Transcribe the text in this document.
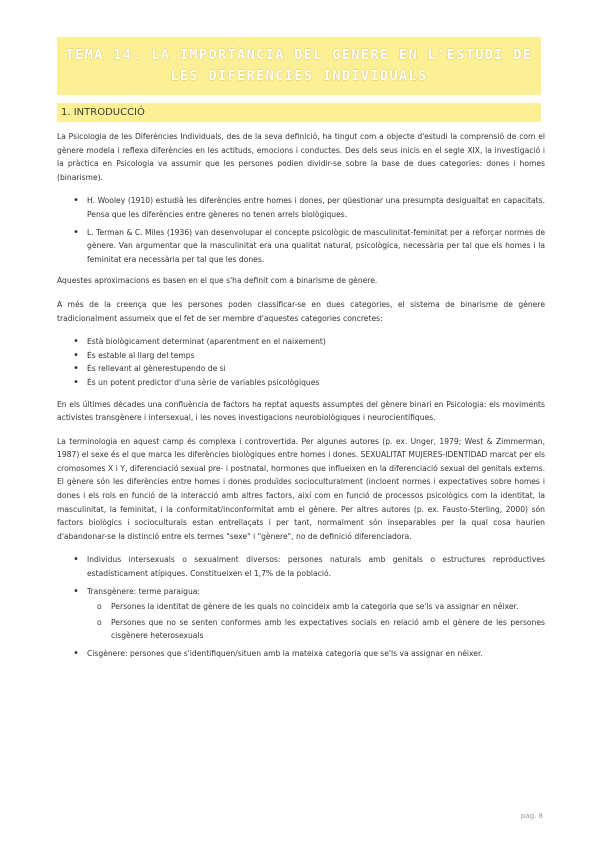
TEMA 14. LA IMPORTÀNCIA DEL GÈNERE EN L'ESTUDI DE
LES DIFERÈNCIES INDIVIDUALS
1. INTRODUCCIÓ

La Psicologia de les Diferències Individuals, des de la seva definició, ha tingut com a objecte d'estudi la comprensió de com el gènere modela i reflexa diferències en les actituds, emocions i conductes. Des dels seus inicis en el segle XIX, la investigació i la pràctica en Psicologia va assumir que les persones podien dividir-se sobre la base de dues categories: dones i homes (binarisme).

• H. Wooley (1910) estudià les diferències entre homes i dones, per qüestionar una presumpta desigualtat en capacitats. Pensa que les diferències entre gèneres no tenen arrels biològiques.
• L. Terman & C. Miles (1936) van desenvolupar el concepte psicològic de masculinitat-feminitat per a reforçar normes de gènere. Van argumentar que la masculinitat era una qualitat natural, psicològica, necessària per tal que els homes i la feminitat era necessària per tal que les dones.

Aquestes aproximacions es basen en el que s'ha definit com a binarisme de gènere.

A més de la creença que les persones poden classificar-se en dues categories, el sistema de binarisme de gènere tradicionalment assumeix que el fet de ser membre d'aquestes categories concretes:

• Està biològicament determinat (aparentment en el naixement)
• És estable al llarg del temps
• És rellevant al gènerestupendo de si
• És un potent predictor d'una sèrie de variables psicològiques

En els últimes dècades una confluència de factors ha reptat aquests assumptes del gènere binari en Psicologia: els moviments activistes transgènere i intersexual, i les noves investigacions neurobiològiques i neurocientífiques.

La terminologia en aquest camp és complexa i controvertida. Per algunes autores (p. ex. Unger, 1979; West & Zimmerman, 1987) el sexe és el que marca les diferències biològiques entre homes i dones. SEXUALITAT MUJERES-IDENTIDAD marcat per els cromosomes X i Y, diferenciació sexual pre- i postnatal, hormones que influeixen en la diferenciació sexual del genitals externs. El gènere són les diferències entre homes i dones produïdes socioculturalment (incloent normes i expectatives sobre homes i dones i els rols en funció de la interacció amb altres factors, així com en funció de processos psicològics com la identitat, la masculinitat, la feminitat, i la conformitat/inconformitat amb el gènere. Per altres autores (p. ex. Fausto-Sterling, 2000) són factors biològics i socioculturals estan entrellaçats i per tant, normalment són inseparables per la qual cosa haurien d'abandonar-se la distinció entre els termes "sexe" i "gènere", no de definició diferenciadora.

• Individus intersexuals o sexualment diversos: persones naturals amb genitals o estructures reproductives estadísticament atípiques. Constitueixen el 1,7% de la població.
• Transgènere: terme paraigua:
o Persones la identitat de gènere de les quals no coincideix amb la categoria que se'ls va assignar en néixer.
o Persones que no se senten conformes amb les expectatives socials en relació amb el gènere de les persones cisgènere heterosexuals
• Cisgènere: persones que s'identifiquen/situen amb la mateixa categoria que se'ls va assignar en néixer.
pàg. 8
